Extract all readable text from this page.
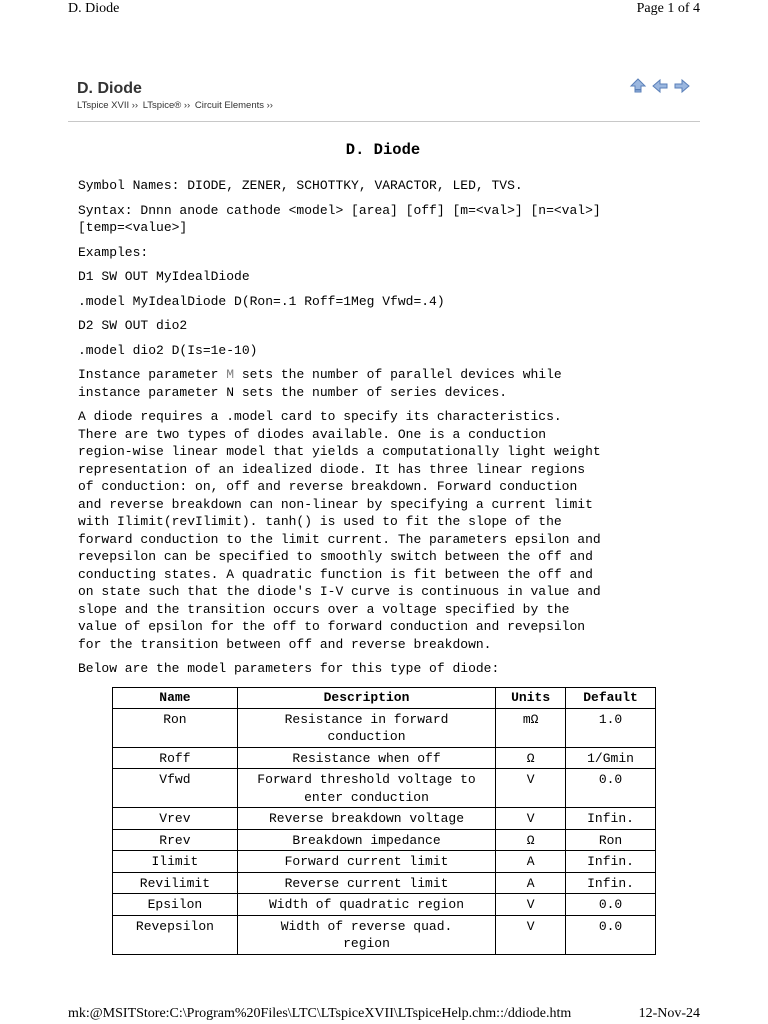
D. Diode	Page 1 of 4
D. Diode
LTspice XVII ›› LTspice® ›› Circuit Elements ››
D. Diode

Symbol Names: DIODE, ZENER, SCHOTTKY, VARACTOR, LED, TVS.

Syntax: Dnnn anode cathode <model> [area] [off] [m=<val>] [n=<val>]
[temp=<value>]

Examples:

D1 SW OUT MyIdealDiode

.model MyIdealDiode D(Ron=.1 Roff=1Meg Vfwd=.4)

D2 SW OUT dio2

.model dio2 D(Is=1e-10)

Instance parameter M sets the number of parallel devices while
instance parameter N sets the number of series devices.

A diode requires a .model card to specify its characteristics.
There are two types of diodes available. One is a conduction
region-wise linear model that yields a computationally light weight
representation of an idealized diode. It has three linear regions
of conduction: on, off and reverse breakdown. Forward conduction
and reverse breakdown can non-linear by specifying a current limit
with Ilimit(revIlimit). tanh() is used to fit the slope of the
forward conduction to the limit current. The parameters epsilon and
revepsilon can be specified to smoothly switch between the off and
conducting states. A quadratic function is fit between the off and
on state such that the diode's I-V curve is continuous in value and
slope and the transition occurs over a voltage specified by the
value of epsilon for the off to forward conduction and revepsilon
for the transition between off and reverse breakdown.

Below are the model parameters for this type of diode:

Name	Description	Units	Default
Ron	Resistance in forward
conduction	mΩ	1.0
Roff	Resistance when off	Ω	1/Gmin
Vfwd	Forward threshold voltage to
enter conduction	V	0.0
Vrev	Reverse breakdown voltage	V	Infin.
Rrev	Breakdown impedance	Ω	Ron
Ilimit	Forward current limit	A	Infin.
Revilimit	Reverse current limit	A	Infin.
Epsilon	Width of quadratic region	V	0.0
Revepsilon	Width of reverse quad.
region	V	0.0
mk:@MSITStore:C:\Program%20Files\LTC\LTspiceXVII\LTspiceHelp.chm::/ddiode.htm	12-Nov-24
